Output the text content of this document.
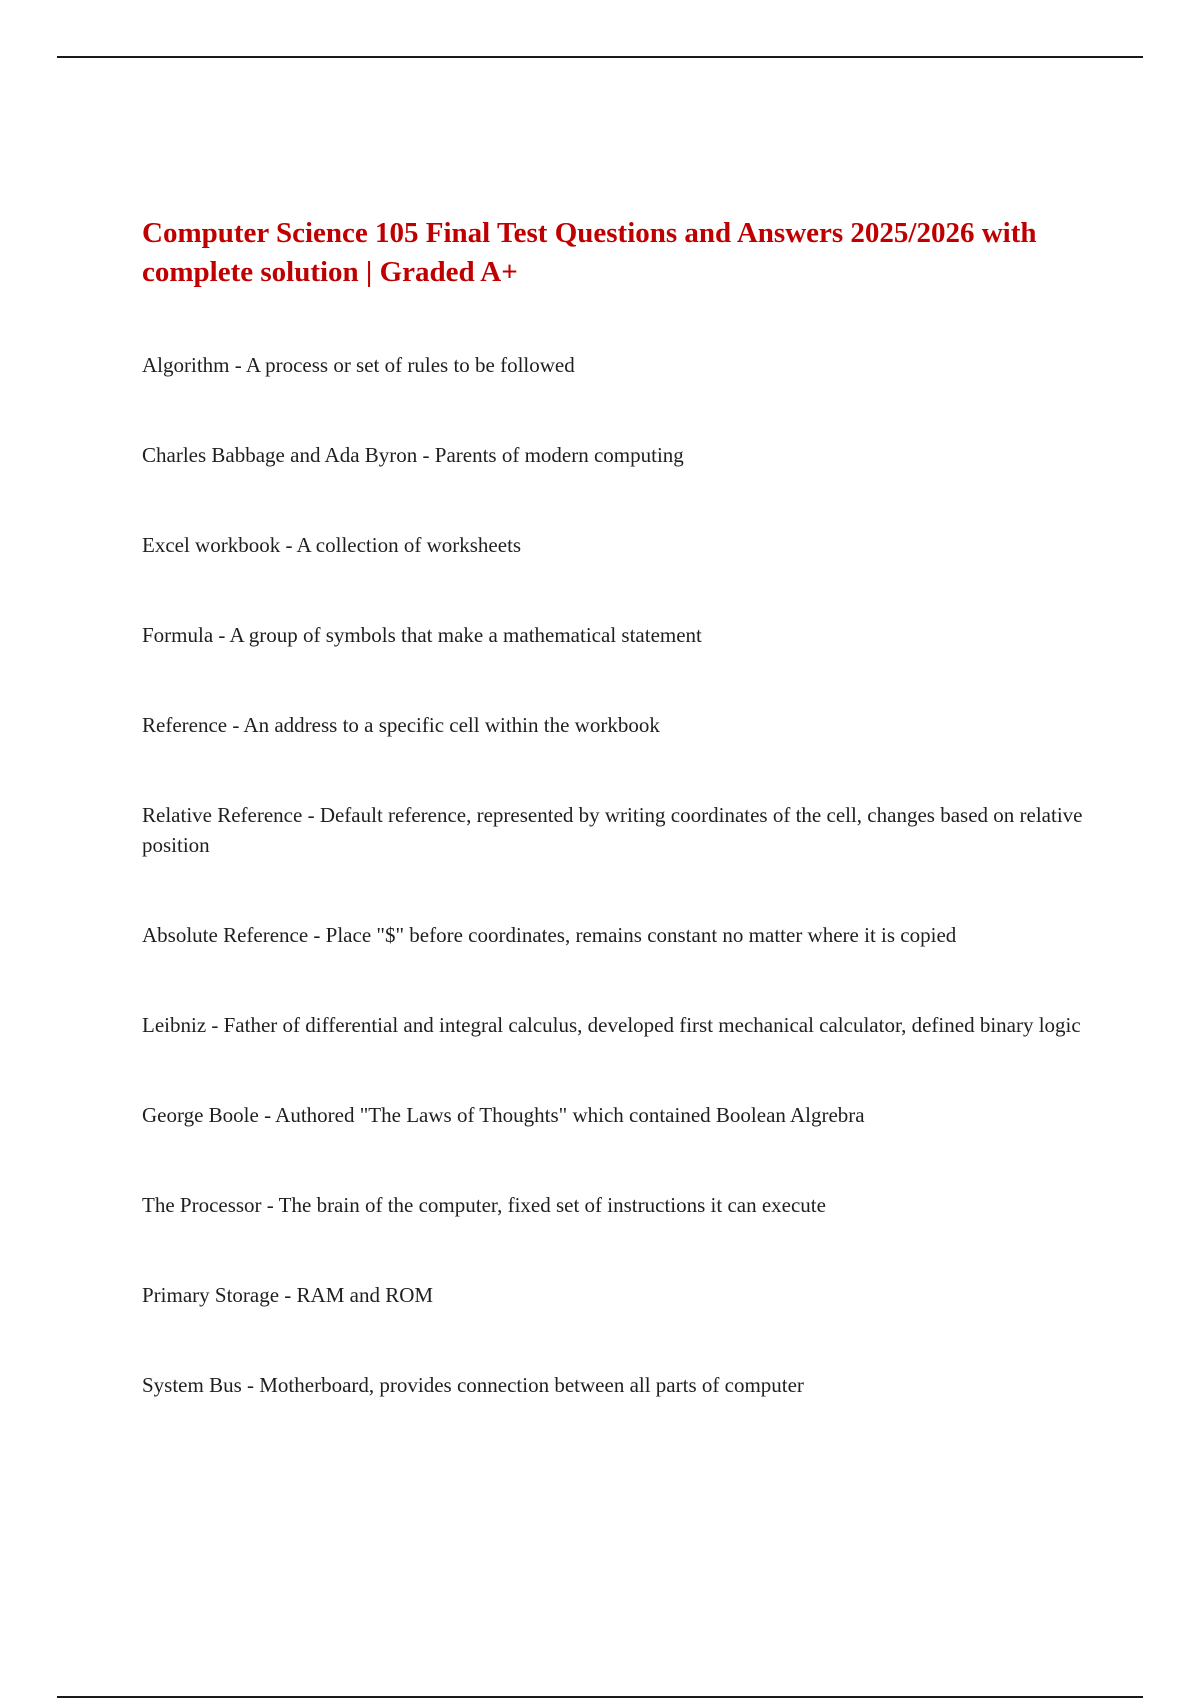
Computer Science 105 Final Test Questions and Answers 2025/2026 with complete solution | Graded A+
Algorithm - A process or set of rules to be followed
Charles Babbage and Ada Byron - Parents of modern computing
Excel workbook - A collection of worksheets
Formula - A group of symbols that make a mathematical statement
Reference - An address to a specific cell within the workbook
Relative Reference - Default reference, represented by writing coordinates of the cell, changes based on relative position
Absolute Reference - Place "$" before coordinates, remains constant no matter where it is copied
Leibniz - Father of differential and integral calculus, developed first mechanical calculator, defined binary logic
George Boole - Authored "The Laws of Thoughts" which contained Boolean Algrebra
The Processor - The brain of the computer, fixed set of instructions it can execute
Primary Storage - RAM and ROM
System Bus - Motherboard, provides connection between all parts of computer
